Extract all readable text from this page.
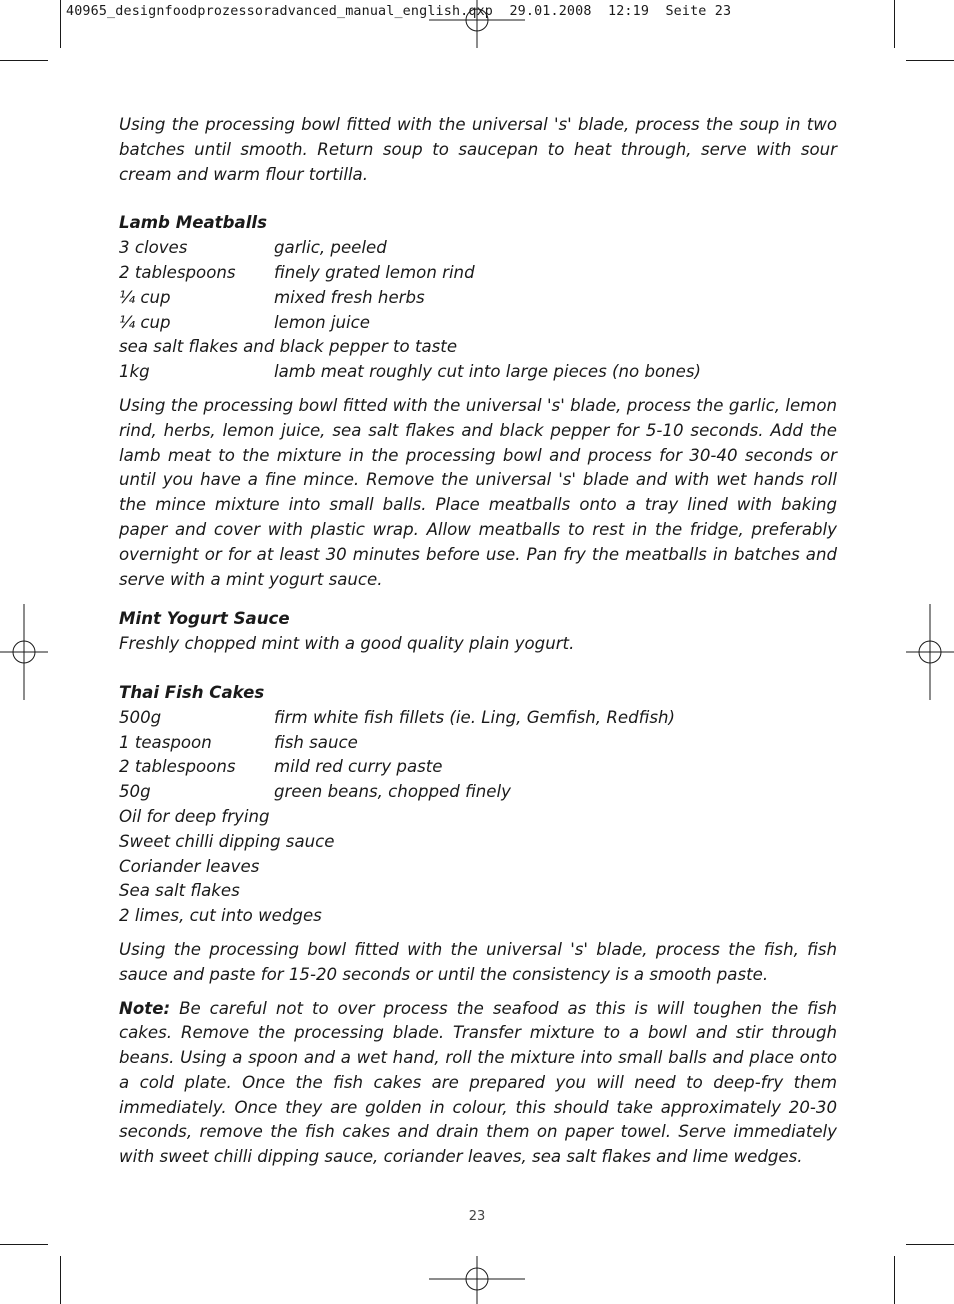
40965_designfoodprozessoradvanced_manual_english.qxp  29.01.2008  12:19  Seite 23

Using the processing bowl fitted with the universal 's' blade, process the soup in two batches until smooth. Return soup to saucepan to heat through, serve with sour cream and warm flour tortilla.

Lamb Meatballs

3 cloves	garlic, peeled
2 tablespoons	finely grated lemon rind
¼ cup	mixed fresh herbs
¼ cup	lemon juice
sea salt flakes and black pepper to taste
1kg	lamb meat roughly cut into large pieces (no bones)

Using the processing bowl fitted with the universal 's' blade, process the garlic, lemon rind, herbs, lemon juice, sea salt flakes and black pepper for 5-10 seconds. Add the lamb meat to the mixture in the processing bowl and process for 30-40 seconds or until you have a fine mince. Remove the universal 's' blade and with wet hands roll the mince mixture into small balls. Place meatballs onto a tray lined with baking paper and cover with plastic wrap. Allow meatballs to rest in the fridge, preferably overnight or for at least 30 minutes before use. Pan fry the meatballs in batches and serve with a mint yogurt sauce.

Mint Yogurt Sauce

Freshly chopped mint with a good quality plain yogurt.

Thai Fish Cakes

500g	firm white fish fillets (ie. Ling, Gemfish, Redfish)
1 teaspoon	fish sauce
2 tablespoons	mild red curry paste
50g	green beans, chopped finely
Oil for deep frying
Sweet chilli dipping sauce
Coriander leaves
Sea salt flakes
2 limes, cut into wedges

Using the processing bowl fitted with the universal 's' blade, process the fish, fish sauce and paste for 15-20 seconds or until the consistency is a smooth paste.

Note: Be careful not to over process the seafood as this is will toughen the fish cakes. Remove the processing blade. Transfer mixture to a bowl and stir through beans. Using a spoon and a wet hand, roll the mixture into small balls and place onto a cold plate. Once the fish cakes are prepared you will need to deep-fry them immediately. Once they are golden in colour, this should take approximately 20-30 seconds, remove the fish cakes and drain them on paper towel. Serve immediately with sweet chilli dipping sauce, coriander leaves, sea salt flakes and lime wedges.

23
